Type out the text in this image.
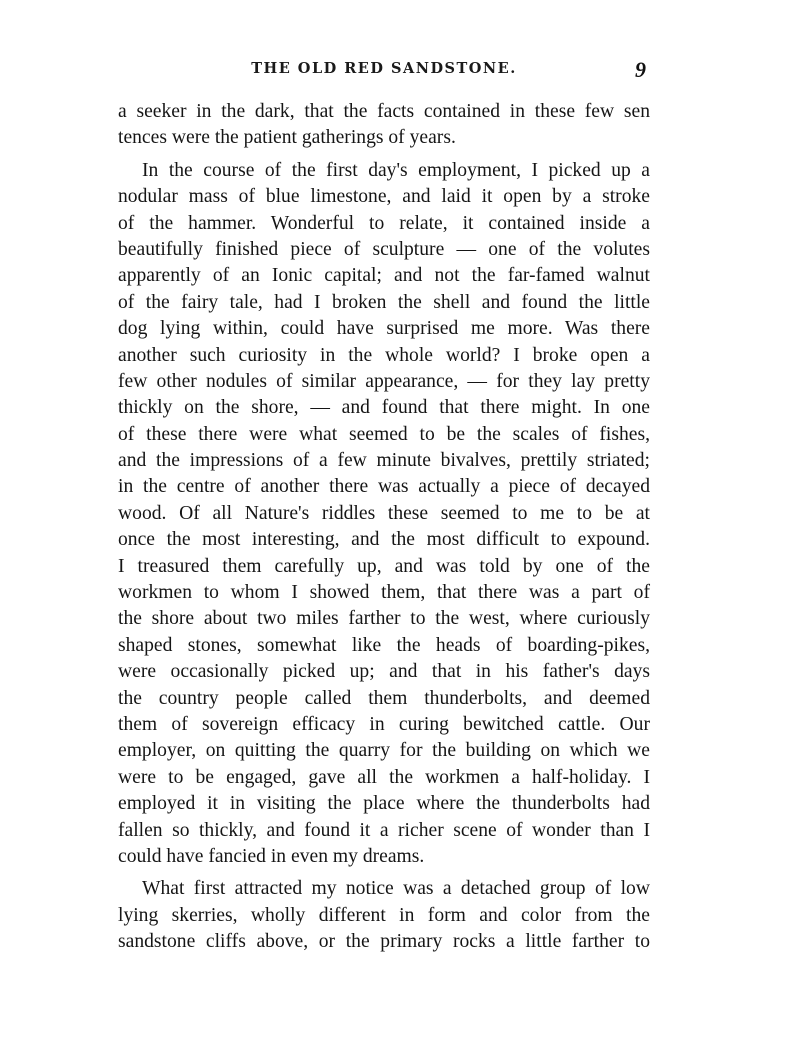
THE OLD RED SANDSTONE.	9

a seeker in the dark, that the facts contained in these few sen
tences were the patient gatherings of years.

In the course of the first day's employment, I picked up a
nodular mass of blue limestone, and laid it open by a stroke
of the hammer. Wonderful to relate, it contained inside a
beautifully finished piece of sculpture — one of the volutes
apparently of an Ionic capital; and not the far-famed walnut
of the fairy tale, had I broken the shell and found the little
dog lying within, could have surprised me more. Was there
another such curiosity in the whole world? I broke open a
few other nodules of similar appearance, — for they lay pretty
thickly on the shore, — and found that there might. In one
of these there were what seemed to be the scales of fishes,
and the impressions of a few minute bivalves, prettily striated;
in the centre of another there was actually a piece of decayed
wood. Of all Nature's riddles these seemed to me to be at
once the most interesting, and the most difficult to expound.
I treasured them carefully up, and was told by one of the
workmen to whom I showed them, that there was a part of
the shore about two miles farther to the west, where curiously
shaped stones, somewhat like the heads of boarding-pikes,
were occasionally picked up; and that in his father's days
the country people called them thunderbolts, and deemed
them of sovereign efficacy in curing bewitched cattle. Our
employer, on quitting the quarry for the building on which we
were to be engaged, gave all the workmen a half-holiday. I
employed it in visiting the place where the thunderbolts had
fallen so thickly, and found it a richer scene of wonder than I
could have fancied in even my dreams.

What first attracted my notice was a detached group of low
lying skerries, wholly different in form and color from the
sandstone cliffs above, or the primary rocks a little farther to
